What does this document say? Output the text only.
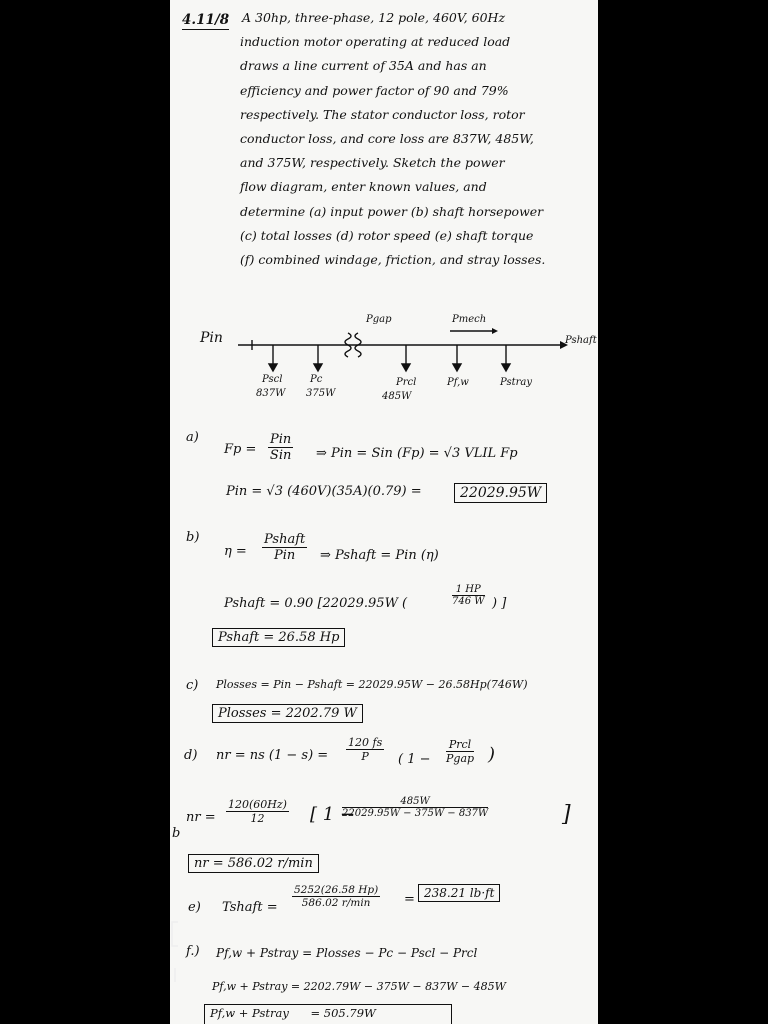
4.11/8 A 30hp, three-phase, 12 pole, 460V, 60Hz
induction motor operating at reduced load
draws a line current of 35A and has an
efficiency and power factor of 90 and 79%
respectively. The stator conductor loss, rotor
conductor loss, and core loss are 837W, 485W,
and 375W, respectively. Sketch the power
flow diagram, enter known values, and
determine (a) input power (b) shaft horsepower
(c) total losses (d) rotor speed (e) shaft torque
(f) combined windage, friction, and stray losses.
Pin
Pgap	Pmech
Pshaft
Pscl
837W
Pc
375W
Prcl
485W
Pf,w	Pstray
a)
Fp =
Pin
Sin ⇒ Pin = Sin (Fp) = √3 VLIL Fp
Pin = √3 (460V)(35A)(0.79) =	22029.95W
b)
η =
Pshaft
Pin	⇒ Pshaft = Pin (η)
Pshaft = 0.90 [22029.95W (	$\frac{1 HP}{746 W}$ ) ]
Pshaft = 26.58 Hp
c) Plosses = Pin − Pshaft = 22029.95W − 26.58Hp(746W)
Plosses = 2202.79 W
d) nr = ns $(1 - s) = \frac{120 fs}{P}$ ( 1 −
Prcl
Pgap )
nr = $\frac{120(60Hz)}{12}$ [ 1 −
$\frac{485W}{22029.95W - 375W - 837W}$	]
b
nr = 586.02 r/min
e) Tshaft =
5252(26.58 Hp)
586.02 r/min	= 238.21 lb·ft
f.) Pf,w + Pstray = Plosses − Pc − Pscl − Prcl
Pf,w + Pstray = 2202.79W − 375W − 837W − 485W
Pf,w + Pstray = 505.79W
